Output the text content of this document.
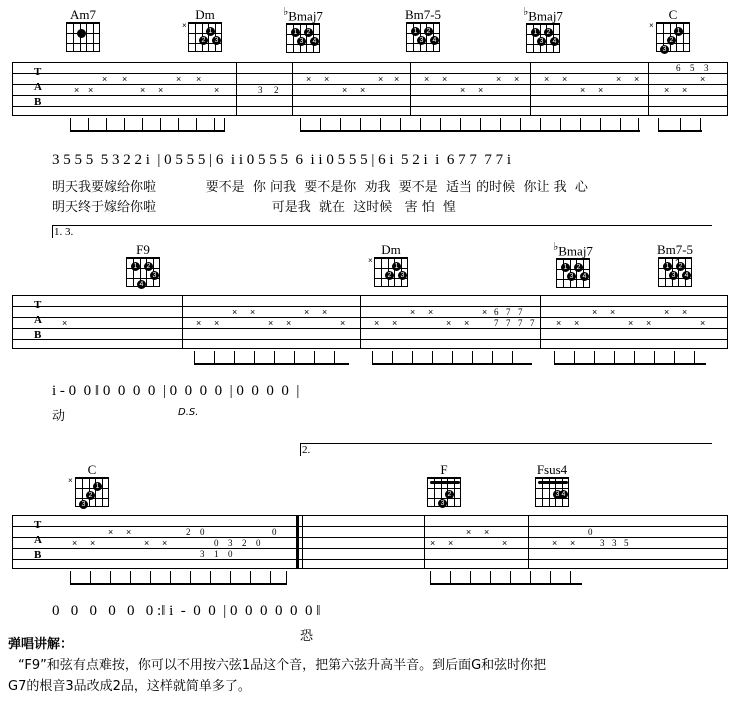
Am7	Dm
1
2	3
×
♭Bmaj7
1	2
3	4
Bm7-5
1	2
3	4
♭Bmaj7
1	2
3	4
C
1
2
3
×
T
A
B
× ×
× ×
× ×
× ×
×
× ×
× ×
× ×	× ×
× ×
× ×	× ×
× ×
× ×
× ×
×
3 2
6 5 3
3 5 5 5  5 3 2 2 i  | 0 5 5 5 | 6  i i 0 5 5 5  6  i i 0 5 5 5 | 6 i  5 2 i  i  6 7 7  7 7 i
明天我要嫁给你啦            要不是  你 问我  要不是你  劝我  要不是  适当 的时候  你让 我  心
明天终于嫁给你啦                            可是我  就在  这时候   害 怕  惶
1. 3.
F9
1	2
3
4
Dm
1
2	3
×
♭Bmaj7
1	2
3	4
Bm7-5
1	2
3	4
×
T
A
B
×	× ×
× ×
× ×
× ×
×	× ×
× ×
× ×
×
× ×
× ×
× ×
× ×
×
6 7 7
7 7 7 7
i - 0  0 ‖ 0  0  0  0  | 0  0  0  0  | 0  0  0  0  |
动	D.S.
2.
C
1
2
3
×
F
2
3
Fsus4
3 4
T
A
B
× ×
× ×
× ×	× ×
× ×
×	× ×
2 0
0 3 2 0
3 1 0
0	0
3 3 5
0   0   0   0   0   0 :‖ i  -  0  0  | 0  0  0  0  0  0 ‖
恐
弹唱讲解：
“F9”和弦有点难按，你可以不用按六弦1品这个音，把第六弦升高半音。到后面G和弦时你把
G7的根音3品改成2品，这样就简单多了。
